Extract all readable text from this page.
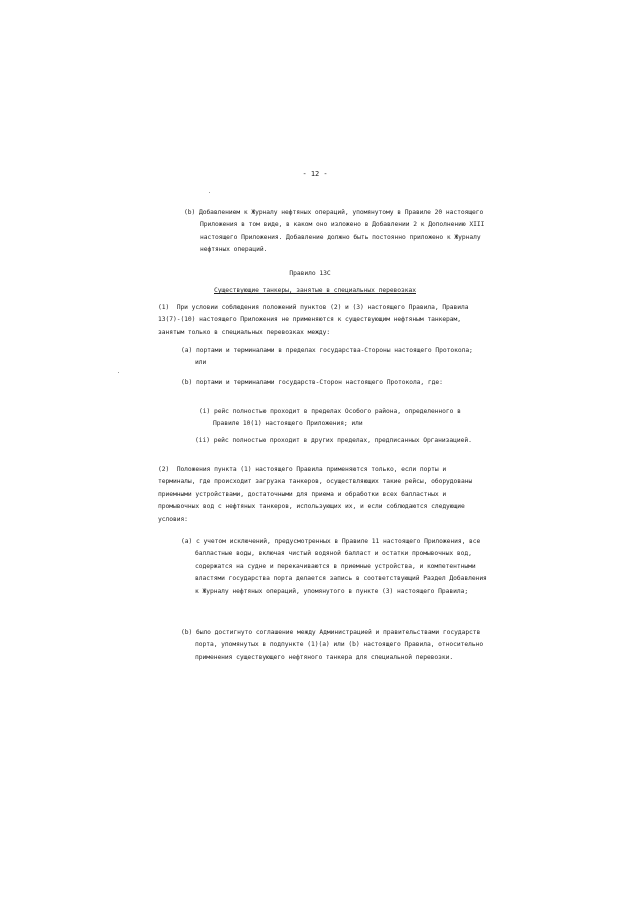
- 12 -

(b) Добавлением к Журналу нефтяных операций, упомянутому в Правиле 20 настоящего Приложения в том виде, в каком оно изложено в Добавлении 2 к Дополнению XIII настоящего Приложения. Добавление должно быть постоянно приложено к Журналу нефтяных операций.

Правило 13С

Существующие танкеры, занятые в специальных перевозках

(1)  При условии соблюдения положений пунктов (2) и (3) настоящего Правила, Правила 13(7)-(10) настоящего Приложения не применяются к существующим нефтяным танкерам, занятым только в специальных перевозках между:

(a) портами и терминалами в пределах государства-Стороны настоящего Протокола; или

(b) портами и терминалами государств-Сторон настоящего Протокола, где:

(i) рейс полностью проходит в пределах Особого района, определенного в Правиле 10(1) настоящего Приложения; или

(ii) рейс полностью проходит в других пределах, предписанных Организацией.

(2)  Положения пункта (1) настоящего Правила применяются только, если порты и терминалы, где происходит загрузка танкеров, осуществляющих такие рейсы, оборудованы приемными устройствами, достаточными для приема и обработки всех балластных и промывочных вод с нефтяных танкеров, использующих их, и если соблюдаются следующие условия:

(a) с учетом исключений, предусмотренных в Правиле 11 настоящего Приложения, все балластные воды, включая чистый водяной балласт и остатки промывочных вод, содержатся на судне и перекачиваются в приемные устройства, и компетентными властями государства порта делается запись в соответствующий Раздел Добавления к Журналу нефтяных операций, упомянутого в пункте (3) настоящего Правила;

(b) было достигнуто соглашение между Администрацией и правительствами государств порта, упомянутых в подпункте (1)(a) или (b) настоящего Правила, относительно применения существующего нефтяного танкера для специальной перевозки.
